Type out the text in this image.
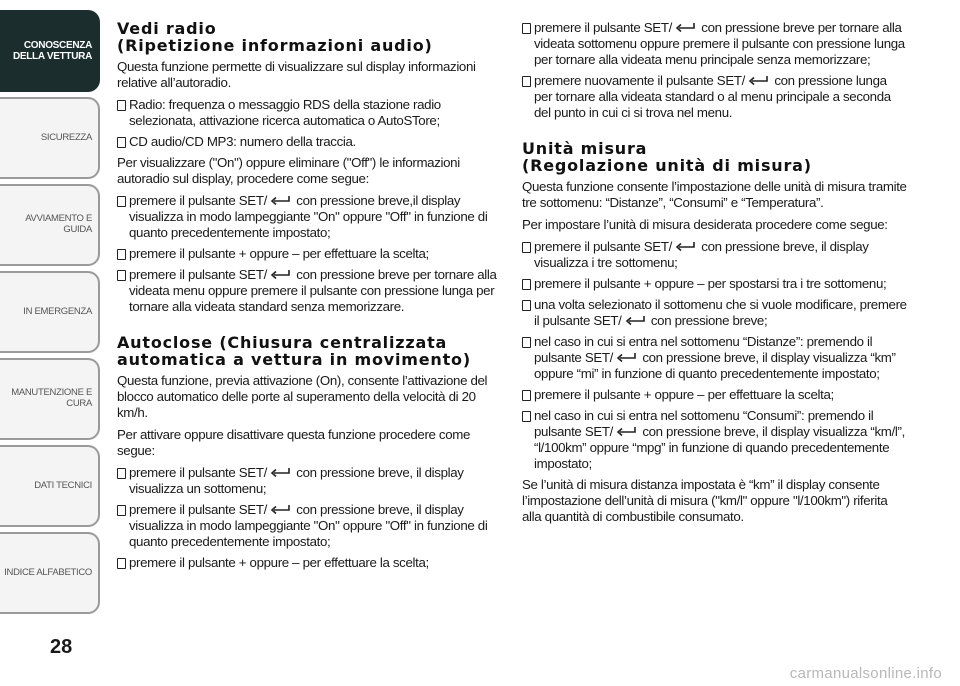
CONOSCENZA DELLA VETTURA
SICUREZZA
AVVIAMENTO E GUIDA
IN EMERGENZA
MANUTENZIONE E CURA
DATI TECNICI
INDICE ALFABETICO
28
Vedi radio
(Ripetizione informazioni audio)

Questa funzione permette di visualizzare sul display informazioni relative all’autoradio.

Radio: frequenza o messaggio RDS della stazione radio selezionata, attivazione ricerca automatica o AutoSTore;
CD audio/CD MP3: numero della traccia.

Per visualizzare ("On") oppure eliminare ("Off") le informazioni autoradio sul display, procedere come segue:

premere il pulsante SET/ con pressione breve,il display visualizza in modo lampeggiante "On" oppure "Off" in funzione di quanto precedentemente impostato;
premere il pulsante + oppure – per effettuare la scelta;
premere il pulsante SET/ con pressione breve per tornare alla videata menu oppure premere il pulsante con pressione lunga per tornare alla videata standard senza memorizzare.
Autoclose (Chiusura centralizzata
automatica a vettura in movimento)

Questa funzione, previa attivazione (On), consente l’attivazione del blocco automatico delle porte al superamento della velocità di 20 km/h.

Per attivare oppure disattivare questa funzione procedere come segue:

premere il pulsante SET/ con pressione breve, il display visualizza un sottomenu;
premere il pulsante SET/ con pressione breve, il display visualizza in modo lampeggiante "On" oppure "Off" in funzione di quanto precedentemente impostato;
premere il pulsante + oppure – per effettuare la scelta;
premere il pulsante SET/ con pressione breve per tornare alla videata sottomenu oppure premere il pulsante con pressione lunga per tornare alla videata menu principale senza memorizzare;
premere nuovamente il pulsante SET/ con pressione lunga per tornare alla videata standard o al menu principale a seconda del punto in cui ci si trova nel menu.
Unità misura
(Regolazione unità di misura)

Questa funzione consente l’impostazione delle unità di misura tramite tre sottomenu: “Distanze”, “Consumi” e “Temperatura”.

Per impostare l’unità di misura desiderata procedere come segue:

premere il pulsante SET/ con pressione breve, il display visualizza i tre sottomenu;
premere il pulsante + oppure – per spostarsi tra i tre sottomenu;
una volta selezionato il sottomenu che si vuole modificare, premere il pulsante SET/ con pressione breve;
nel caso in cui si entra nel sottomenu “Distanze”: premendo il pulsante SET/ con pressione breve, il display visualizza “km” oppure “mi” in funzione di quanto precedentemente impostato;
premere il pulsante + oppure – per effettuare la scelta;
nel caso in cui si entra nel sottomenu “Consumi”: premendo il pulsante SET/ con pressione breve, il display visualizza “km/l”, “l/100km” oppure “mpg” in funzione di quando precedentemente impostato;

Se l’unità di misura distanza impostata è “km” il display consente l’impostazione dell’unità di misura ("km/l" oppure "l/100km") riferita alla quantità di combustibile consumato.

carmanualsonline.info
